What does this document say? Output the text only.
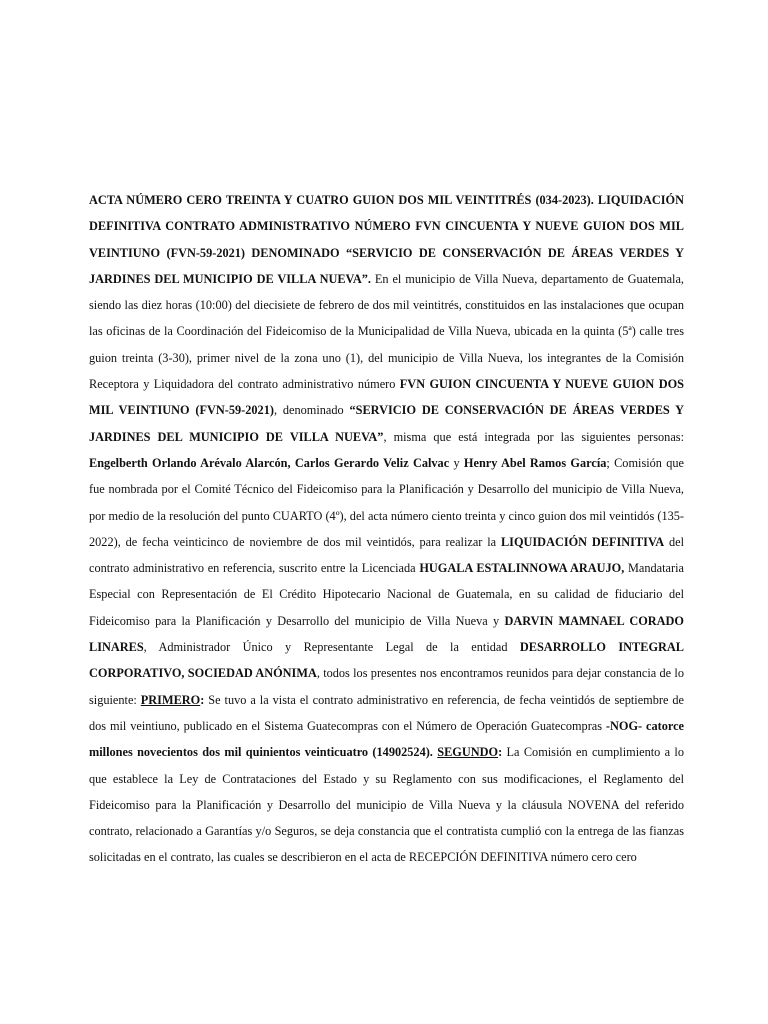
ACTA NÚMERO CERO TREINTA Y CUATRO GUION DOS MIL VEINTITRÉS (034-2023). LIQUIDACIÓN DEFINITIVA CONTRATO ADMINISTRATIVO NÚMERO FVN CINCUENTA Y NUEVE GUION DOS MIL VEINTIUNO (FVN-59-2021) DENOMINADO “SERVICIO DE CONSERVACIÓN DE ÁREAS VERDES Y JARDINES DEL MUNICIPIO DE VILLA NUEVA”. En el municipio de Villa Nueva, departamento de Guatemala, siendo las diez horas (10:00) del diecisiete de febrero de dos mil veintitrés, constituidos en las instalaciones que ocupan las oficinas de la Coordinación del Fideicomiso de la Municipalidad de Villa Nueva, ubicada en la quinta (5ª) calle tres guion treinta (3-30), primer nivel de la zona uno (1), del municipio de Villa Nueva, los integrantes de la Comisión Receptora y Liquidadora del contrato administrativo número FVN GUION CINCUENTA Y NUEVE GUION DOS MIL VEINTIUNO (FVN-59-2021), denominado “SERVICIO DE CONSERVACIÓN DE ÁREAS VERDES Y JARDINES DEL MUNICIPIO DE VILLA NUEVA”, misma que está integrada por las siguientes personas: Engelberth Orlando Arévalo Alarcón, Carlos Gerardo Veliz Calvac y Henry Abel Ramos García; Comisión que fue nombrada por el Comité Técnico del Fideicomiso para la Planificación y Desarrollo del municipio de Villa Nueva, por medio de la resolución del punto CUARTO (4º), del acta número ciento treinta y cinco guion dos mil veintidós (135-2022), de fecha veinticinco de noviembre de dos mil veintidós, para realizar la LIQUIDACIÓN DEFINITIVA del contrato administrativo en referencia, suscrito entre la Licenciada HUGALA ESTALINNOWA ARAUJO, Mandataria Especial con Representación de El Crédito Hipotecario Nacional de Guatemala, en su calidad de fiduciario del Fideicomiso para la Planificación y Desarrollo del municipio de Villa Nueva y DARVIN MAMNAEL CORADO LINARES, Administrador Único y Representante Legal de la entidad DESARROLLO INTEGRAL CORPORATIVO, SOCIEDAD ANÓNIMA, todos los presentes nos encontramos reunidos para dejar constancia de lo siguiente: PRIMERO: Se tuvo a la vista el contrato administrativo en referencia, de fecha veintidós de septiembre de dos mil veintiuno, publicado en el Sistema Guatecompras con el Número de Operación Guatecompras -NOG- catorce millones novecientos dos mil quinientos veinticuatro (14902524). SEGUNDO: La Comisión en cumplimiento a lo que establece la Ley de Contrataciones del Estado y su Reglamento con sus modificaciones, el Reglamento del Fideicomiso para la Planificación y Desarrollo del municipio de Villa Nueva y la cláusula NOVENA del referido contrato, relacionado a Garantías y/o Seguros, se deja constancia que el contratista cumplió con la entrega de las fianzas solicitadas en el contrato, las cuales se describieron en el acta de RECEPCIÓN DEFINITIVA número cero cero
